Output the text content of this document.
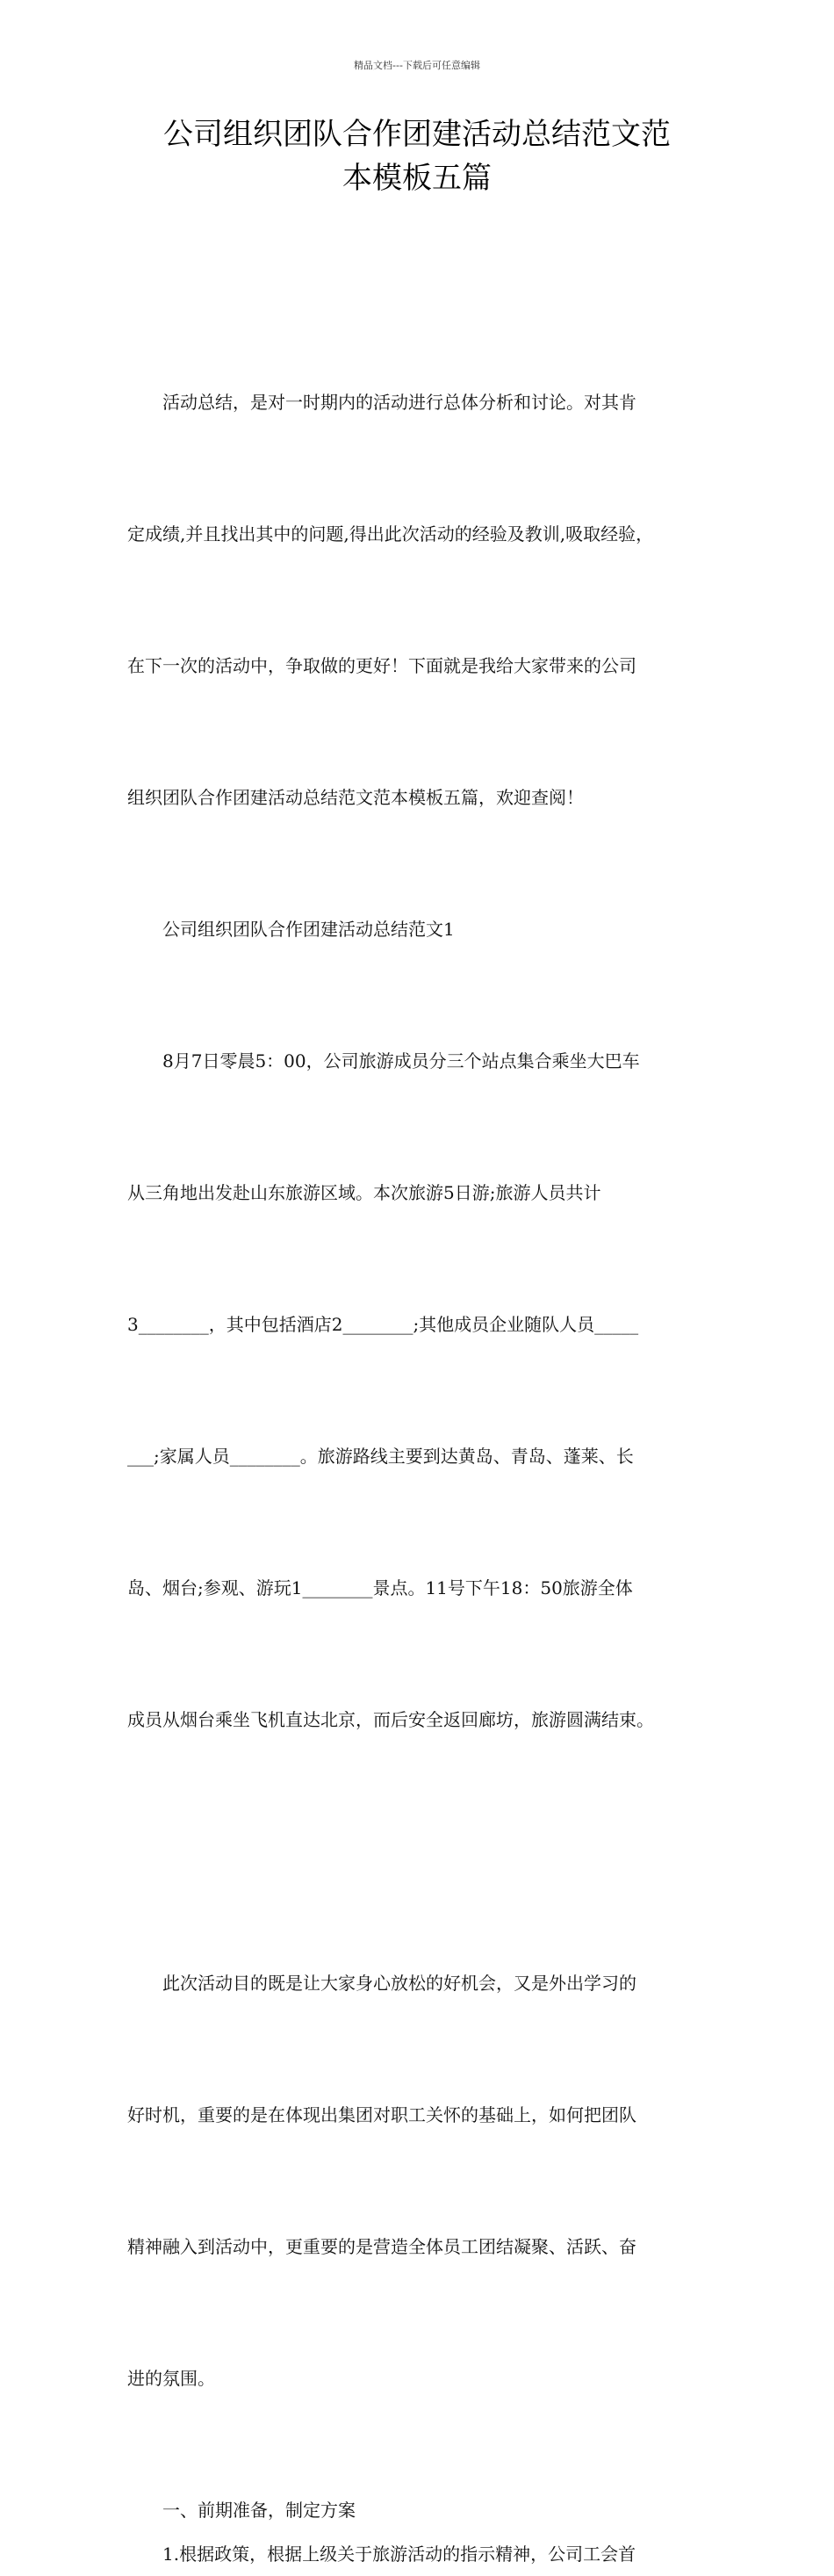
精品文档---下载后可任意编辑
公司组织团队合作团建活动总结范文范
本模板五篇

活动总结，是对一时期内的活动进行总体分析和讨论。对其肯

定成绩,并且找出其中的问题,得出此次活动的经验及教训,吸取经验，

在下一次的活动中，争取做的更好！下面就是我给大家带来的公司

组织团队合作团建活动总结范文范本模板五篇，欢迎查阅！

公司组织团队合作团建活动总结范文1

8月7日零晨5：00，公司旅游成员分三个站点集合乘坐大巴车

从三角地出发赴山东旅游区域。本次旅游5日游;旅游人员共计

3________，其中包括酒店2________;其他成员企业随队人员_____

___;家属人员________。旅游路线主要到达黄岛、青岛、蓬莱、长

岛、烟台;参观、游玩1________景点。11号下午18：50旅游全体

成员从烟台乘坐飞机直达北京，而后安全返回廊坊，旅游圆满结束。

此次活动目的既是让大家身心放松的好机会，又是外出学习的

好时机，重要的是在体现出集团对职工关怀的基础上，如何把团队

精神融入到活动中，更重要的是营造全体员工团结凝聚、活跃、奋

进的氛围。

一、前期准备，制定方案

1.根据政策，根据上级关于旅游活动的指示精神，公司工会首
